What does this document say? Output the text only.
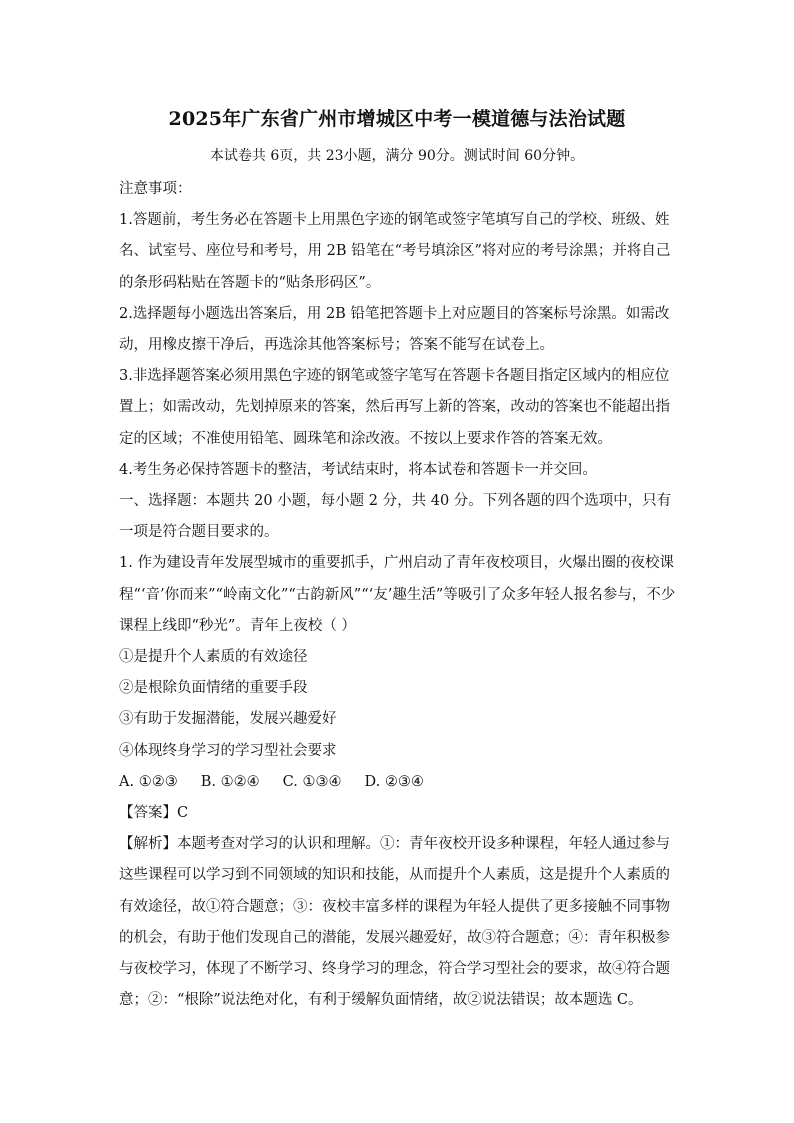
2025年广东省广州市增城区中考一模道德与法治试题
本试卷共 6页，共 23小题，满分 90分。测试时间 60分钟。

注意事项：

1.答题前，考生务必在答题卡上用黑色字迹的钢笔或签字笔填写自己的学校、班级、姓名、试室号、座位号和考号，用 2B 铅笔在“考号填涂区”将对应的考号涂黑；并将自己的条形码粘贴在答题卡的“贴条形码区”。

2.选择题每小题选出答案后，用 2B 铅笔把答题卡上对应题目的答案标号涂黑。如需改动，用橡皮擦干净后，再选涂其他答案标号；答案不能写在试卷上。

3.非选择题答案必须用黑色字迹的钢笔或签字笔写在答题卡各题目指定区域内的相应位置上；如需改动，先划掉原来的答案，然后再写上新的答案，改动的答案也不能超出指定的区域；不准使用铅笔、圆珠笔和涂改液。不按以上要求作答的答案无效。

4.考生务必保持答题卡的整洁，考试结束时，将本试卷和答题卡一并交回。

一、选择题：本题共 20 小题，每小题 2 分，共 40 分。下列各题的四个选项中，只有一项是符合题目要求的。

1. 作为建设青年发展型城市的重要抓手，广州启动了青年夜校项目，火爆出圈的夜校课程“‘音’你而来”“岭南文化”“古韵新风”“‘友’趣生活”等吸引了众多年轻人报名参与，不少课程上线即“秒光”。青年上夜校（ ）

①是提升个人素质的有效途径

②是根除负面情绪的重要手段

③有助于发掘潜能，发展兴趣爱好

④体现终身学习的学习型社会要求

A. ①②③     B. ①②④     C. ①③④     D. ②③④

【答案】C

【解析】本题考查对学习的认识和理解。①：青年夜校开设多种课程，年轻人通过参与这些课程可以学习到不同领域的知识和技能，从而提升个人素质，这是提升个人素质的有效途径，故①符合题意；③：夜校丰富多样的课程为年轻人提供了更多接触不同事物的机会，有助于他们发现自己的潜能，发展兴趣爱好，故③符合题意；④：青年积极参与夜校学习，体现了不断学习、终身学习的理念，符合学习型社会的要求，故④符合题意；②：“根除”说法绝对化，有利于缓解负面情绪，故②说法错误；故本题选 C。
